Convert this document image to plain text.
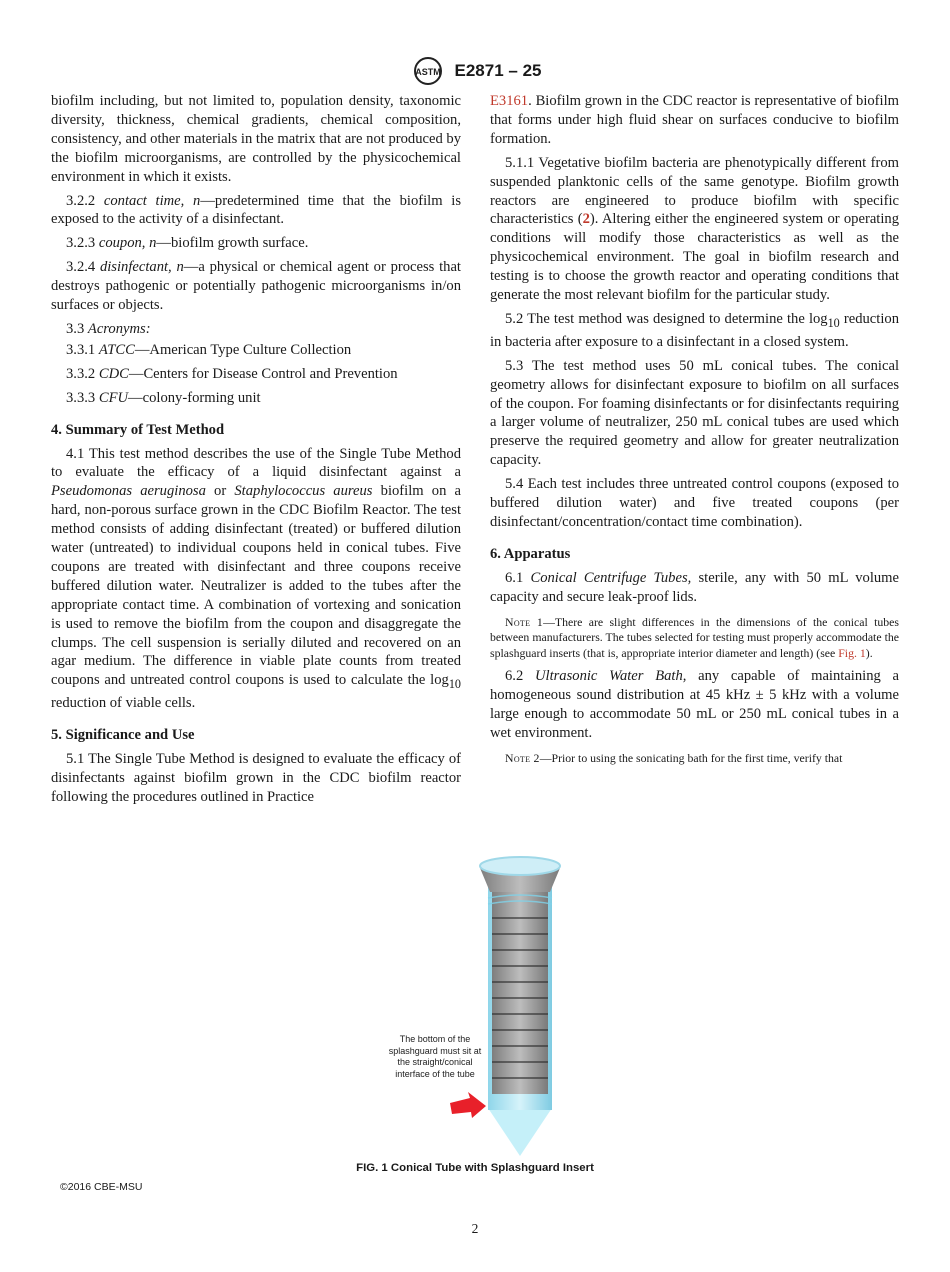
ASTM E2871 – 25

biofilm including, but not limited to, population density, taxonomic diversity, thickness, chemical gradients, chemical composition, consistency, and other materials in the matrix that are not produced by the biofilm microorganisms, are controlled by the physicochemical environment in which it exists.

3.2.2 contact time, n—predetermined time that the biofilm is exposed to the activity of a disinfectant.

3.2.3 coupon, n—biofilm growth surface.

3.2.4 disinfectant, n—a physical or chemical agent or process that destroys pathogenic or potentially pathogenic microorganisms in/on surfaces or objects.

3.3 Acronyms:

3.3.1 ATCC—American Type Culture Collection

3.3.2 CDC—Centers for Disease Control and Prevention

3.3.3 CFU—colony-forming unit

4. Summary of Test Method

4.1 This test method describes the use of the Single Tube Method to evaluate the efficacy of a liquid disinfectant against a Pseudomonas aeruginosa or Staphylococcus aureus biofilm on a hard, non-porous surface grown in the CDC Biofilm Reactor. The test method consists of adding disinfectant (treated) or buffered dilution water (untreated) to individual coupons held in conical tubes. Five coupons are treated with disinfectant and three coupons receive buffered dilution water. Neutralizer is added to the tubes after the appropriate contact time. A combination of vortexing and sonication is used to remove the biofilm from the coupon and disaggregate the clumps. The cell suspension is serially diluted and recovered on an agar medium. The difference in viable plate counts from treated coupons and untreated control coupons is used to calculate the $\log_{10}$ reduction of viable cells.

5. Significance and Use

5.1 The Single Tube Method is designed to evaluate the efficacy of disinfectants against biofilm grown in the CDC biofilm reactor following the procedures outlined in Practice

E3161. Biofilm grown in the CDC reactor is representative of biofilm that forms under high fluid shear on surfaces conducive to biofilm formation.

5.1.1 Vegetative biofilm bacteria are phenotypically different from suspended planktonic cells of the same genotype. Biofilm growth reactors are engineered to produce biofilm with specific characteristics (2). Altering either the engineered system or operating conditions will modify those characteristics as well as the physicochemical environment. The goal in biofilm research and testing is to choose the growth reactor and operating conditions that generate the most relevant biofilm for the particular study.

5.2 The test method was designed to determine the $\log_{10}$ reduction in bacteria after exposure to a disinfectant in a closed system.

5.3 The test method uses 50 mL conical tubes. The conical geometry allows for disinfectant exposure to biofilm on all surfaces of the coupon. For foaming disinfectants or for disinfectants requiring a larger volume of neutralizer, 250 mL conical tubes are used which preserve the required geometry and allow for greater neutralization capacity.

5.4 Each test includes three untreated control coupons (exposed to buffered dilution water) and five treated coupons (per disinfectant/concentration/contact time combination).

6. Apparatus

6.1 Conical Centrifuge Tubes, sterile, any with 50 mL volume capacity and secure leak-proof lids.

Note 1—There are slight differences in the dimensions of the conical tubes between manufacturers. The tubes selected for testing must properly accommodate the splashguard inserts (that is, appropriate interior diameter and length) (see Fig. 1).

6.2 Ultrasonic Water Bath, any capable of maintaining a homogeneous sound distribution at 45 kHz ± 5 kHz with a volume large enough to accommodate 50 mL or 250 mL conical tubes in a wet environment.

Note 2—Prior to using the sonicating bath for the first time, verify that

The bottom of the splashguard must sit at the straight/conical interface of the tube
FIG. 1 Conical Tube with Splashguard Insert
©2016 CBE-MSU
2
